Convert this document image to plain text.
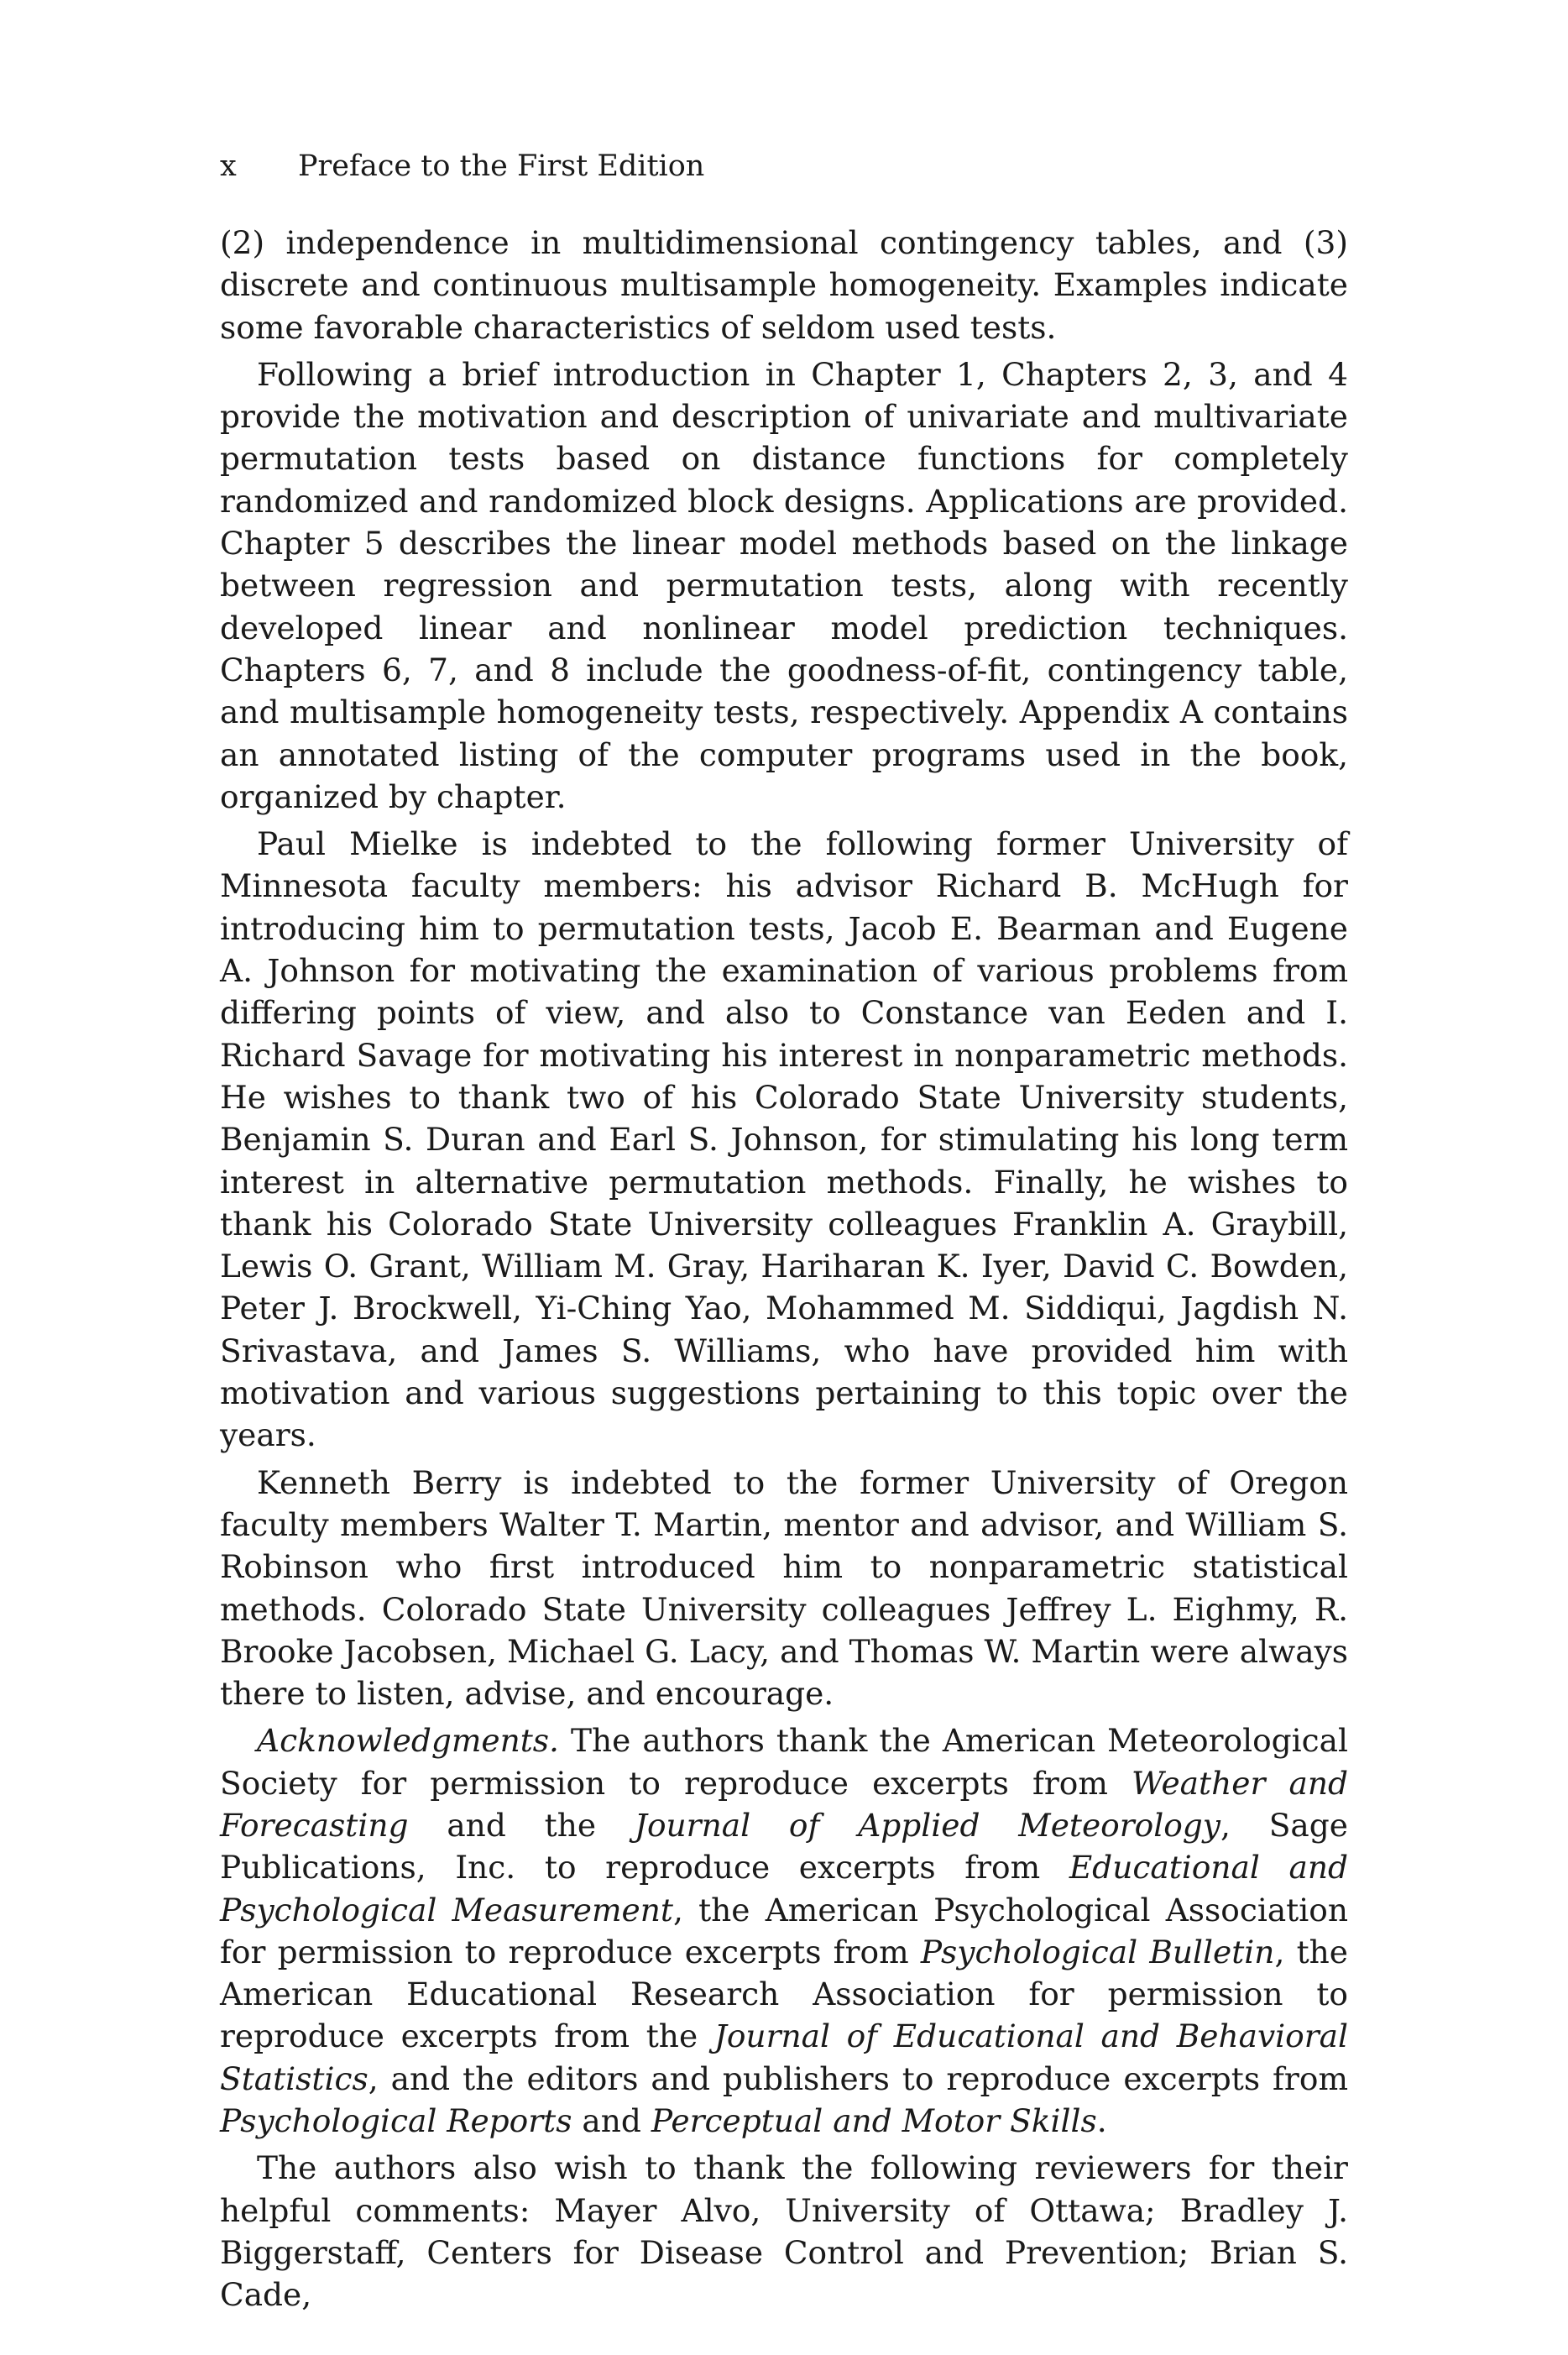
x Preface to the First Edition

(2) independence in multidimensional contingency tables, and (3) discrete and continuous multisample homogeneity. Examples indicate some favorable characteristics of seldom used tests.

Following a brief introduction in Chapter 1, Chapters 2, 3, and 4 provide the motivation and description of univariate and multivariate permutation tests based on distance functions for completely randomized and randomized block designs. Applications are provided. Chapter 5 describes the linear model methods based on the linkage between regression and permutation tests, along with recently developed linear and nonlinear model prediction techniques. Chapters 6, 7, and 8 include the goodness-of-fit, contingency table, and multisample homogeneity tests, respectively. Appendix A contains an annotated listing of the computer programs used in the book, organized by chapter.

Paul Mielke is indebted to the following former University of Minnesota faculty members: his advisor Richard B. McHugh for introducing him to permutation tests, Jacob E. Bearman and Eugene A. Johnson for motivating the examination of various problems from differing points of view, and also to Constance van Eeden and I. Richard Savage for motivating his interest in nonparametric methods. He wishes to thank two of his Colorado State University students, Benjamin S. Duran and Earl S. Johnson, for stimulating his long term interest in alternative permutation methods. Finally, he wishes to thank his Colorado State University colleagues Franklin A. Graybill, Lewis O. Grant, William M. Gray, Hariharan K. Iyer, David C. Bowden, Peter J. Brockwell, Yi-Ching Yao, Mohammed M. Siddiqui, Jagdish N. Srivastava, and James S. Williams, who have provided him with motivation and various suggestions pertaining to this topic over the years.

Kenneth Berry is indebted to the former University of Oregon faculty members Walter T. Martin, mentor and advisor, and William S. Robinson who first introduced him to nonparametric statistical methods. Colorado State University colleagues Jeffrey L. Eighmy, R. Brooke Jacobsen, Michael G. Lacy, and Thomas W. Martin were always there to listen, advise, and encourage.

Acknowledgments. The authors thank the American Meteorological Society for permission to reproduce excerpts from Weather and Forecasting and the Journal of Applied Meteorology, Sage Publications, Inc. to reproduce excerpts from Educational and Psychological Measurement, the American Psychological Association for permission to reproduce excerpts from Psychological Bulletin, the American Educational Research Association for permission to reproduce excerpts from the Journal of Educational and Behavioral Statistics, and the editors and publishers to reproduce excerpts from Psychological Reports and Perceptual and Motor Skills.

The authors also wish to thank the following reviewers for their helpful comments: Mayer Alvo, University of Ottawa; Bradley J. Biggerstaff, Centers for Disease Control and Prevention; Brian S. Cade,
